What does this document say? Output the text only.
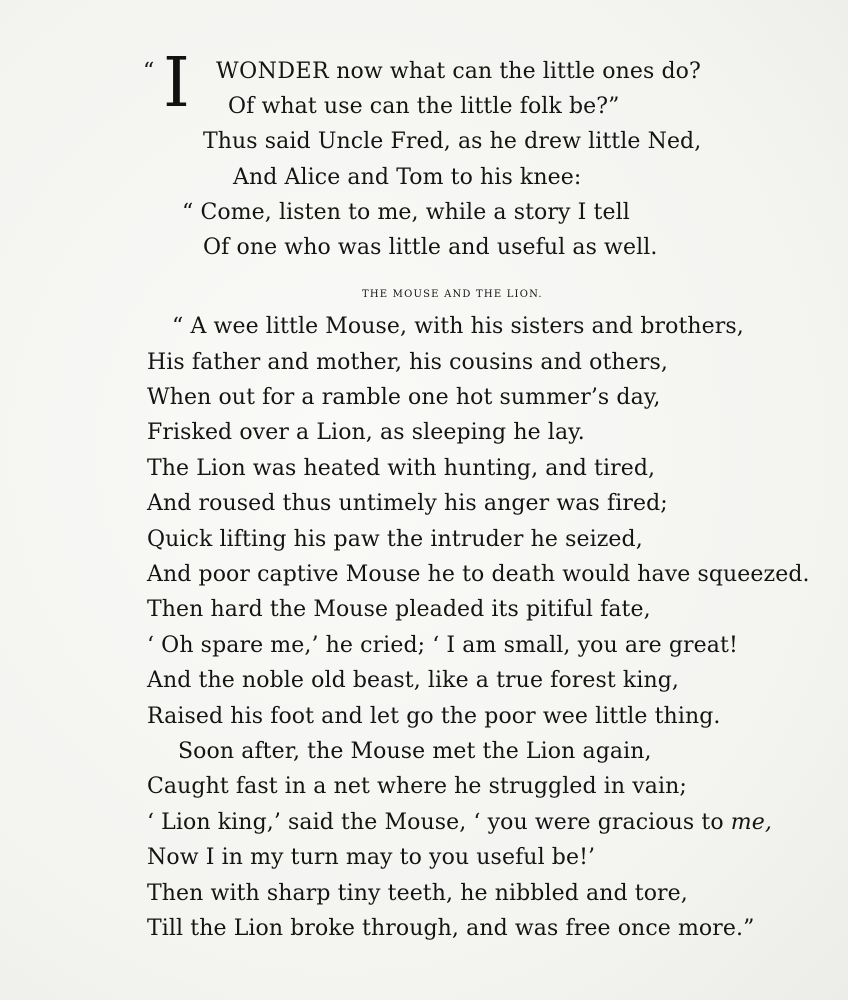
“ I WONDER now what can the little ones do?
Of what use can the little folk be?”
Thus said Uncle Fred, as he drew little Ned,
And Alice and Tom to his knee:
“ Come, listen to me, while a story I tell
Of one who was little and useful as well.
THE MOUSE AND THE LION.
“ A wee little Mouse, with his sisters and brothers,
His father and mother, his cousins and others,
When out for a ramble one hot summer’s day,
Frisked over a Lion, as sleeping he lay.
The Lion was heated with hunting, and tired,
And roused thus untimely his anger was fired;
Quick lifting his paw the intruder he seized,
And poor captive Mouse he to death would have squeezed.
Then hard the Mouse pleaded its pitiful fate,
‘ Oh spare me,’ he cried; ‘ I am small, you are great!
And the noble old beast, like a true forest king,
Raised his foot and let go the poor wee little thing.
Soon after, the Mouse met the Lion again,
Caught fast in a net where he struggled in vain;
‘ Lion king,’ said the Mouse, ‘ you were gracious to me,
Now I in my turn may to you useful be!’
Then with sharp tiny teeth, he nibbled and tore,
Till the Lion broke through, and was free once more.”
